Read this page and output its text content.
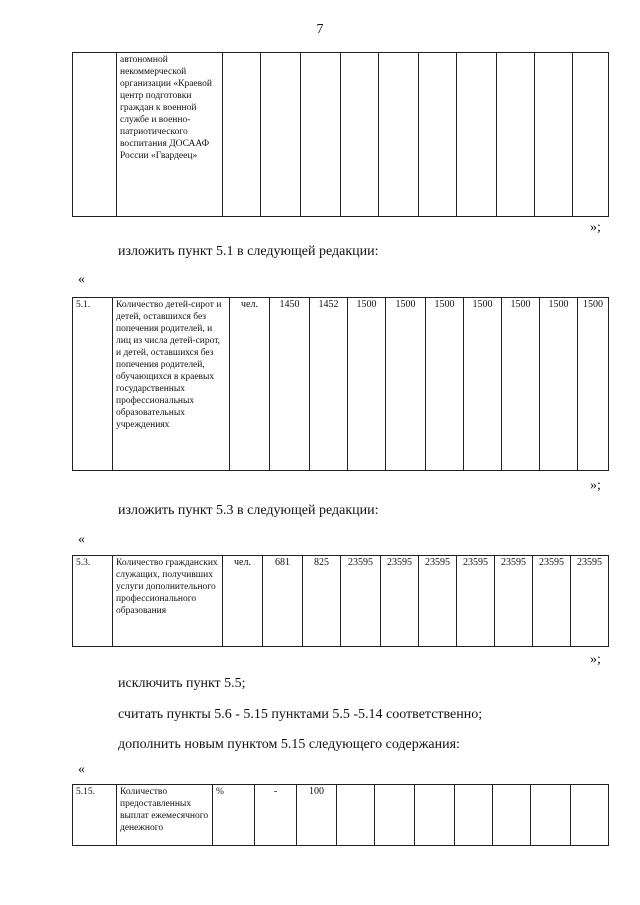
7
	автономной некоммерческой организации «Краевой центр подготовки граждан к военной службе и военно-патриотического воспитания ДОСААФ России «Гвардеец»										
»;
изложить пункт 5.1 в следующей редакции:
«
5.1.	Количество детей-сирот и детей, оставшихся без попечения родителей, и лиц из числа детей-сирот, и детей, оставшихся без попечения родителей, обучающихся в краевых государственных профессиональных образовательных учреждениях	чел.	1450	1452	1500	1500	1500	1500	1500	1500	1500
»;
изложить пункт 5.3 в следующей редакции:
«
5.3.	Количество гражданских служащих, получивших услуги дополнительного профессионального образования	чел.	681	825	23595	23595	23595	23595	23595	23595	23595
»;
исключить пункт 5.5;
считать пункты 5.6 - 5.15 пунктами 5.5 -5.14 соответственно;
дополнить новым пунктом 5.15 следующего содержания:
«
5.15.	Количество предоставленных выплат ежемесячного денежного	%	-	100							
